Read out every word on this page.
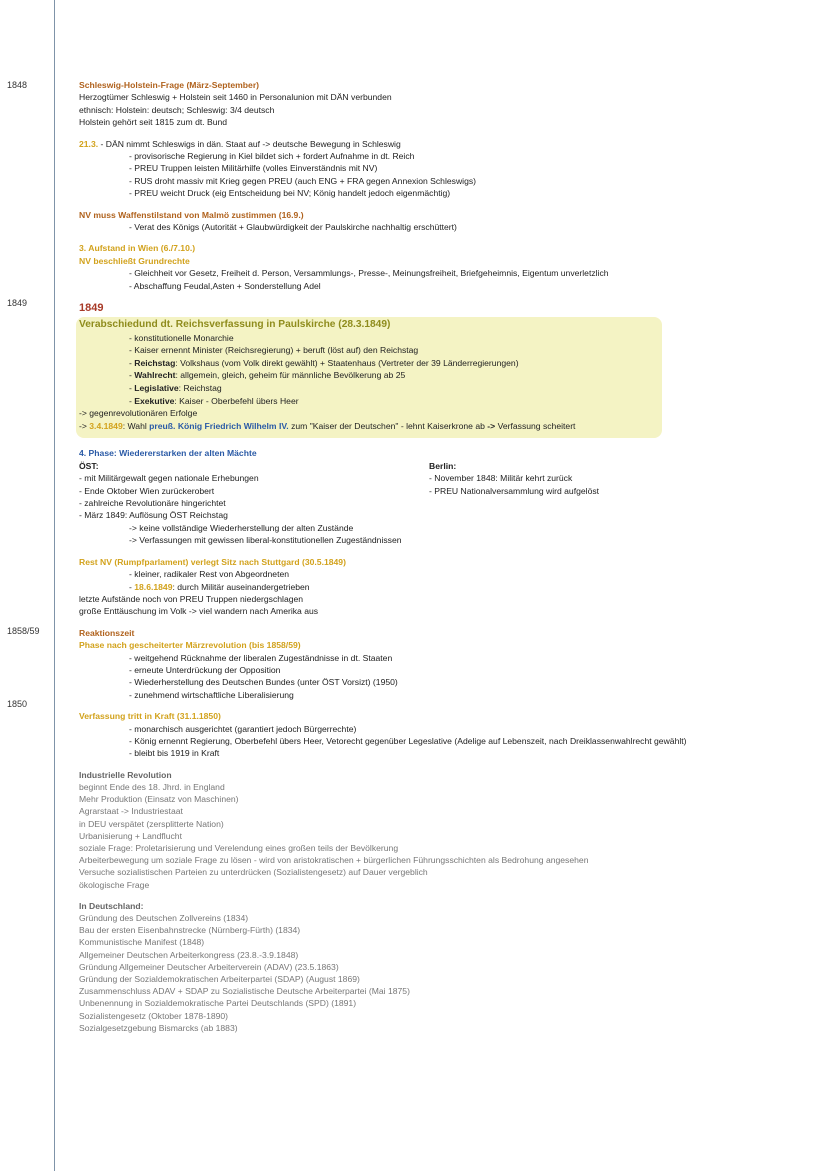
1848
1849
1858/59
1850
Schleswig-Holstein-Frage (März-September)
Herzogtümer Schleswig + Holstein seit 1460 in Personalunion mit DÄN verbunden
ethnisch: Holstein: deutsch; Schleswig: 3/4 deutsch
Holstein gehört seit 1815 zum dt. Bund
21.3. - DÄN nimmt Schleswigs in dän. Staat auf -> deutsche Bewegung in Schleswig
- provisorische Regierung in Kiel bildet sich + fordert Aufnahme in dt. Reich
- PREU Truppen leisten Militärhilfe (volles Einverständnis mit NV)
- RUS droht massiv mit Krieg gegen PREU (auch ENG + FRA gegen Annexion Schleswigs)
- PREU weicht Druck (eig Entscheidung bei NV; König handelt jedoch eigenmächtig)
NV muss Waffenstilstand von Malmö zustimmen (16.9.)
- Verat des Königs (Autorität + Glaubwürdigkeit der Paulskirche nachhaltig erschüttert)
3. Aufstand in Wien (6./7.10.)
NV beschließt Grundrechte
- Gleichheit vor Gesetz, Freiheit d. Person, Versammlungs-, Presse-, Meinungsfreiheit, Briefgeheimnis, Eigentum unverletzlich
- Abschaffung Feudal,Asten + Sonderstellung Adel
1849
Verabschiedund dt. Reichsverfassung in Paulskirche (28.3.1849)
- konstitutionelle Monarchie
- Kaiser ernennt Minister (Reichsregierung) + beruft (löst auf) den Reichstag
- Reichstag: Volkshaus (vom Volk direkt gewählt) + Staatenhaus (Vertreter der 39 Länderregierungen)
- Wahlrecht: allgemein, gleich, geheim für männliche Bevölkerung ab 25
- Legislative: Reichstag
- Exekutive: Kaiser - Oberbefehl übers Heer
-> gegenrevolutionären Erfolge
-> 3.4.1849: Wahl preuß. König Friedrich Wilhelm IV. zum "Kaiser der Deutschen" - lehnt Kaiserkrone ab -> Verfassung scheitert
4. Phase: Wiedererstarken der alten Mächte
ÖST:
- mit Militärgewalt gegen nationale Erhebungen
- Ende Oktober Wien zurückerobert
- zahlreiche Revolutionäre hingerichtet
- März 1849: Auflösung ÖST Reichstag
-> keine vollständige Wiederherstellung der alten Zustände
-> Verfassungen mit gewissen liberal-konstitutionellen Zugeständnissen
Berlin:
- November 1848: Militär kehrt zurück
- PREU Nationalversammlung wird aufgelöst
Rest NV (Rumpfparlament) verlegt Sitz nach Stuttgard (30.5.1849)
- kleiner, radikaler Rest von Abgeordneten
- 18.6.1849: durch Militär auseinandergetrieben
letzte Aufstände noch von PREU Truppen niedergschlagen
große Enttäuschung im Volk -> viel wandern nach Amerika aus
Reaktionszeit
Phase nach gescheiterter Märzrevolution (bis 1858/59)
- weitgehend Rücknahme der liberalen Zugeständnisse in dt. Staaten
- erneute Unterdrückung der Opposition
- Wiederherstellung des Deutschen Bundes (unter ÖST Vorsizt) (1950)
- zunehmend wirtschaftliche Liberalisierung
Verfassung tritt in Kraft (31.1.1850)
- monarchisch ausgerichtet (garantiert jedoch Bürgerrechte)
- König ernennt Regierung, Oberbefehl übers Heer, Vetorecht gegenüber Legeslative (Adelige auf Lebenszeit, nach Dreiklassenwahlrecht gewählt)
- bleibt bis 1919 in Kraft
Industrielle Revolution
beginnt Ende des 18. Jhrd. in England
Mehr Produktion (Einsatz von Maschinen)
Agrarstaat -> Industriestaat
in DEU verspätet (zersplitterte Nation)
Urbanisierung + Landflucht
soziale Frage: Proletarisierung und Verelendung eines großen teils der Bevölkerung
Arbeiterbewegung um soziale Frage zu lösen - wird von aristokratischen + bürgerlichen Führungsschichten als Bedrohung angesehen
Versuche sozialistischen Parteien zu unterdrücken (Sozialistengesetz) auf Dauer vergeblich
ökologische Frage
In Deutschland:
Gründung des Deutschen Zollvereins (1834)
Bau der ersten Eisenbahnstrecke (Nürnberg-Fürth) (1834)
Kommunistische Manifest (1848)
Allgemeiner Deutschen Arbeiterkongress (23.8.-3.9.1848)
Gründung Allgemeiner Deutscher Arbeiterverein (ADAV) (23.5.1863)
Gründung der Sozialdemokratischen Arbeiterpartei (SDAP) (August 1869)
Zusammenschluss ADAV + SDAP zu Sozialistische Deutsche Arbeiterpartei (Mai 1875)
Unbenennung in Sozialdemokratische Partei Deutschlands (SPD) (1891)
Sozialistengesetz (Oktober 1878-1890)
Sozialgesetzgebung Bismarcks (ab 1883)
